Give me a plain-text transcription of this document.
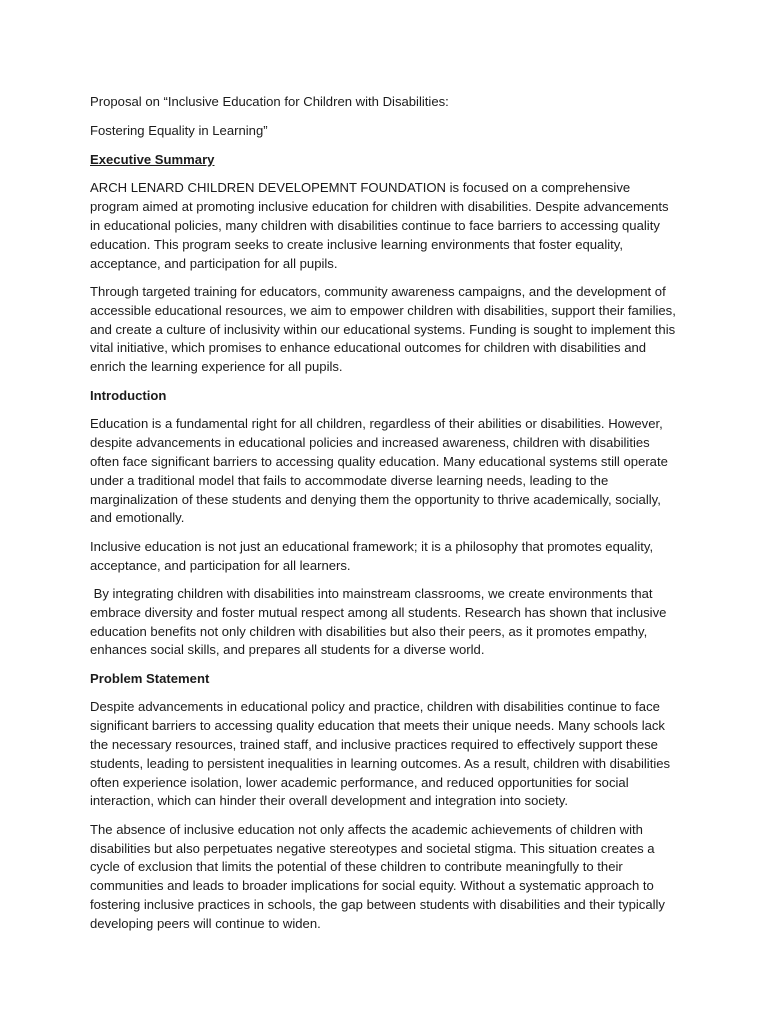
Proposal on “Inclusive Education for Children with Disabilities:

Fostering Equality in Learning”

Executive Summary

ARCH LENARD CHILDREN DEVELOPEMNT FOUNDATION is focused on a comprehensive program aimed at promoting inclusive education for children with disabilities. Despite advancements in educational policies, many children with disabilities continue to face barriers to accessing quality education. This program seeks to create inclusive learning environments that foster equality, acceptance, and participation for all pupils.

Through targeted training for educators, community awareness campaigns, and the development of accessible educational resources, we aim to empower children with disabilities, support their families, and create a culture of inclusivity within our educational systems. Funding is sought to implement this vital initiative, which promises to enhance educational outcomes for children with disabilities and enrich the learning experience for all pupils.

Introduction

Education is a fundamental right for all children, regardless of their abilities or disabilities. However, despite advancements in educational policies and increased awareness, children with disabilities often face significant barriers to accessing quality education. Many educational systems still operate under a traditional model that fails to accommodate diverse learning needs, leading to the marginalization of these students and denying them the opportunity to thrive academically, socially, and emotionally.

Inclusive education is not just an educational framework; it is a philosophy that promotes equality, acceptance, and participation for all learners.

By integrating children with disabilities into mainstream classrooms, we create environments that embrace diversity and foster mutual respect among all students. Research has shown that inclusive education benefits not only children with disabilities but also their peers, as it promotes empathy, enhances social skills, and prepares all students for a diverse world.

Problem Statement

Despite advancements in educational policy and practice, children with disabilities continue to face significant barriers to accessing quality education that meets their unique needs. Many schools lack the necessary resources, trained staff, and inclusive practices required to effectively support these students, leading to persistent inequalities in learning outcomes. As a result, children with disabilities often experience isolation, lower academic performance, and reduced opportunities for social interaction, which can hinder their overall development and integration into society.

The absence of inclusive education not only affects the academic achievements of children with disabilities but also perpetuates negative stereotypes and societal stigma. This situation creates a cycle of exclusion that limits the potential of these children to contribute meaningfully to their communities and leads to broader implications for social equity. Without a systematic approach to fostering inclusive practices in schools, the gap between students with disabilities and their typically developing peers will continue to widen.
